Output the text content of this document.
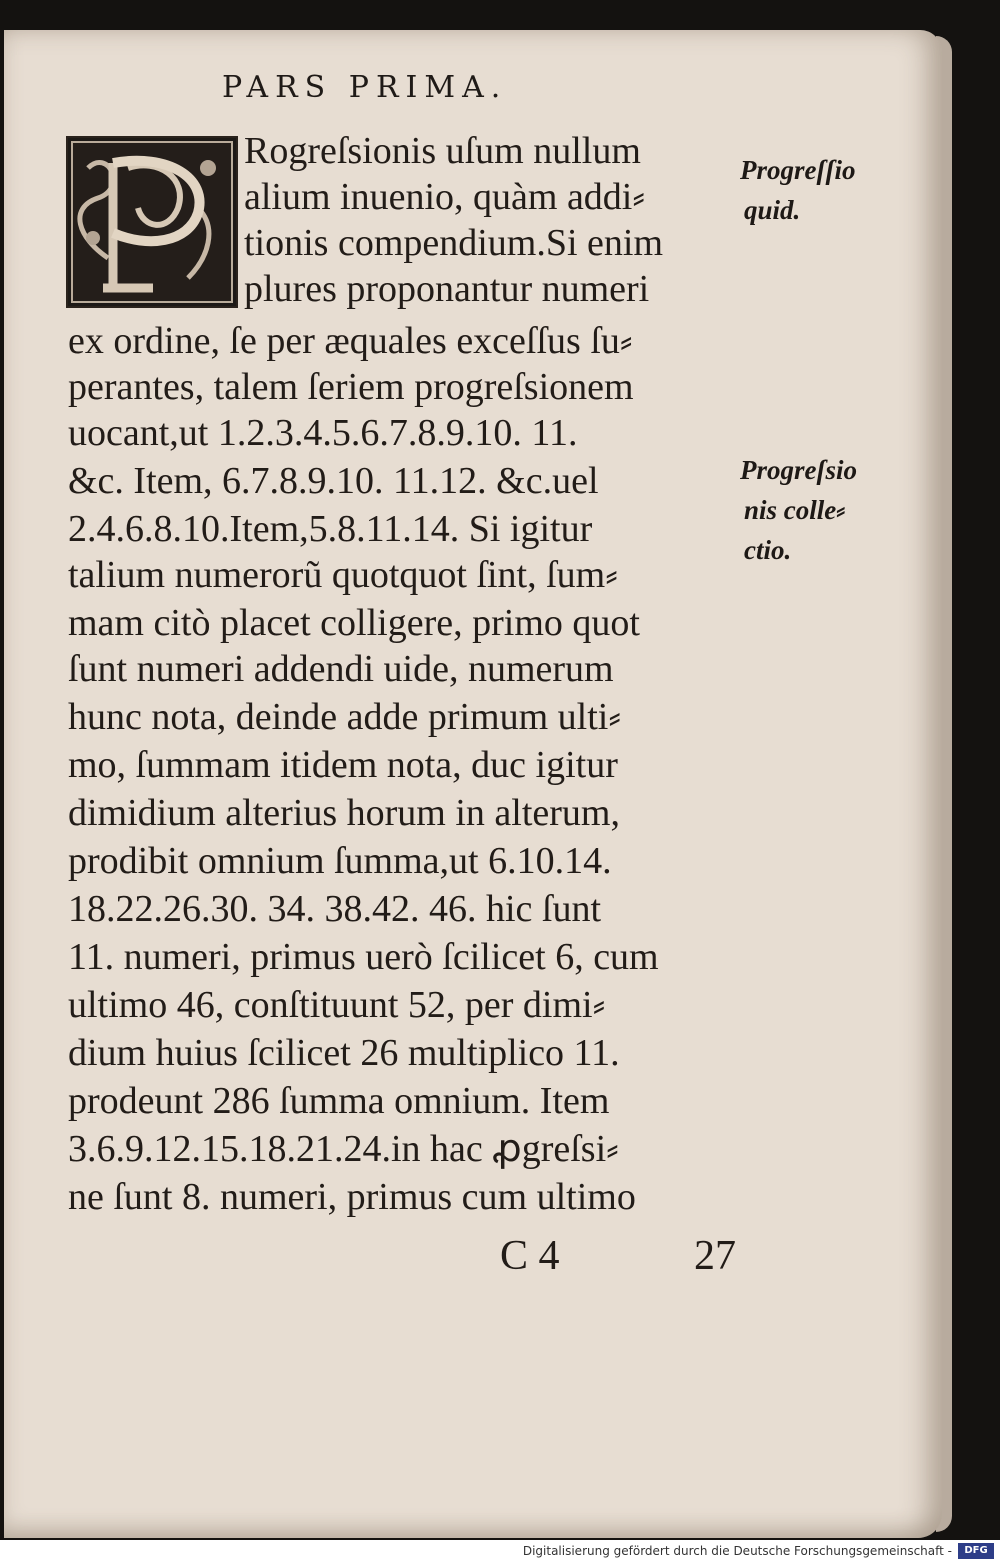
PARS PRIMA.
Rogreſsionis uſum nullum
alium inuenio, quàm addi⸗
tionis compendium.Si enim
plures proponantur numeri
ex ordine, ſe per æquales exceſſus ſu⸗
perantes, talem ſeriem progreſsionem
uocant,ut 1.2.3.4.5.6.7.8.9.10. 11.
&c. Item, 6.7.8.9.10. 11.12. &c.uel
2.4.6.8.10.Item,5.8.11.14. Si igitur
talium numerorũ quotquot ſint, ſum⸗
mam citò placet colligere, primo quot
ſunt numeri addendi uide, numerum
hunc nota, deinde adde primum ulti⸗
mo, ſummam itidem nota, duc igitur
dimidium alterius horum in alterum,
prodibit omnium ſumma,ut 6.10.14.
18.22.26.30. 34. 38.42. 46. hic ſunt
11. numeri, primus uerò ſcilicet 6, cum
ultimo 46, conſtituunt 52, per dimi⸗
dium huius ſcilicet 26 multiplico 11.
prodeunt 286 ſumma omnium. Item
3.6.9.12.15.18.21.24.in hac ꝓgreſsi⸗
ne ſunt 8. numeri, primus cum ultimo
Progreſſio
quid.
Progreſsio
nis colle⸗
ctio.
C 4	27
Digitalisierung gefördert durch die Deutsche Forschungsgemeinschaft -	DFG
